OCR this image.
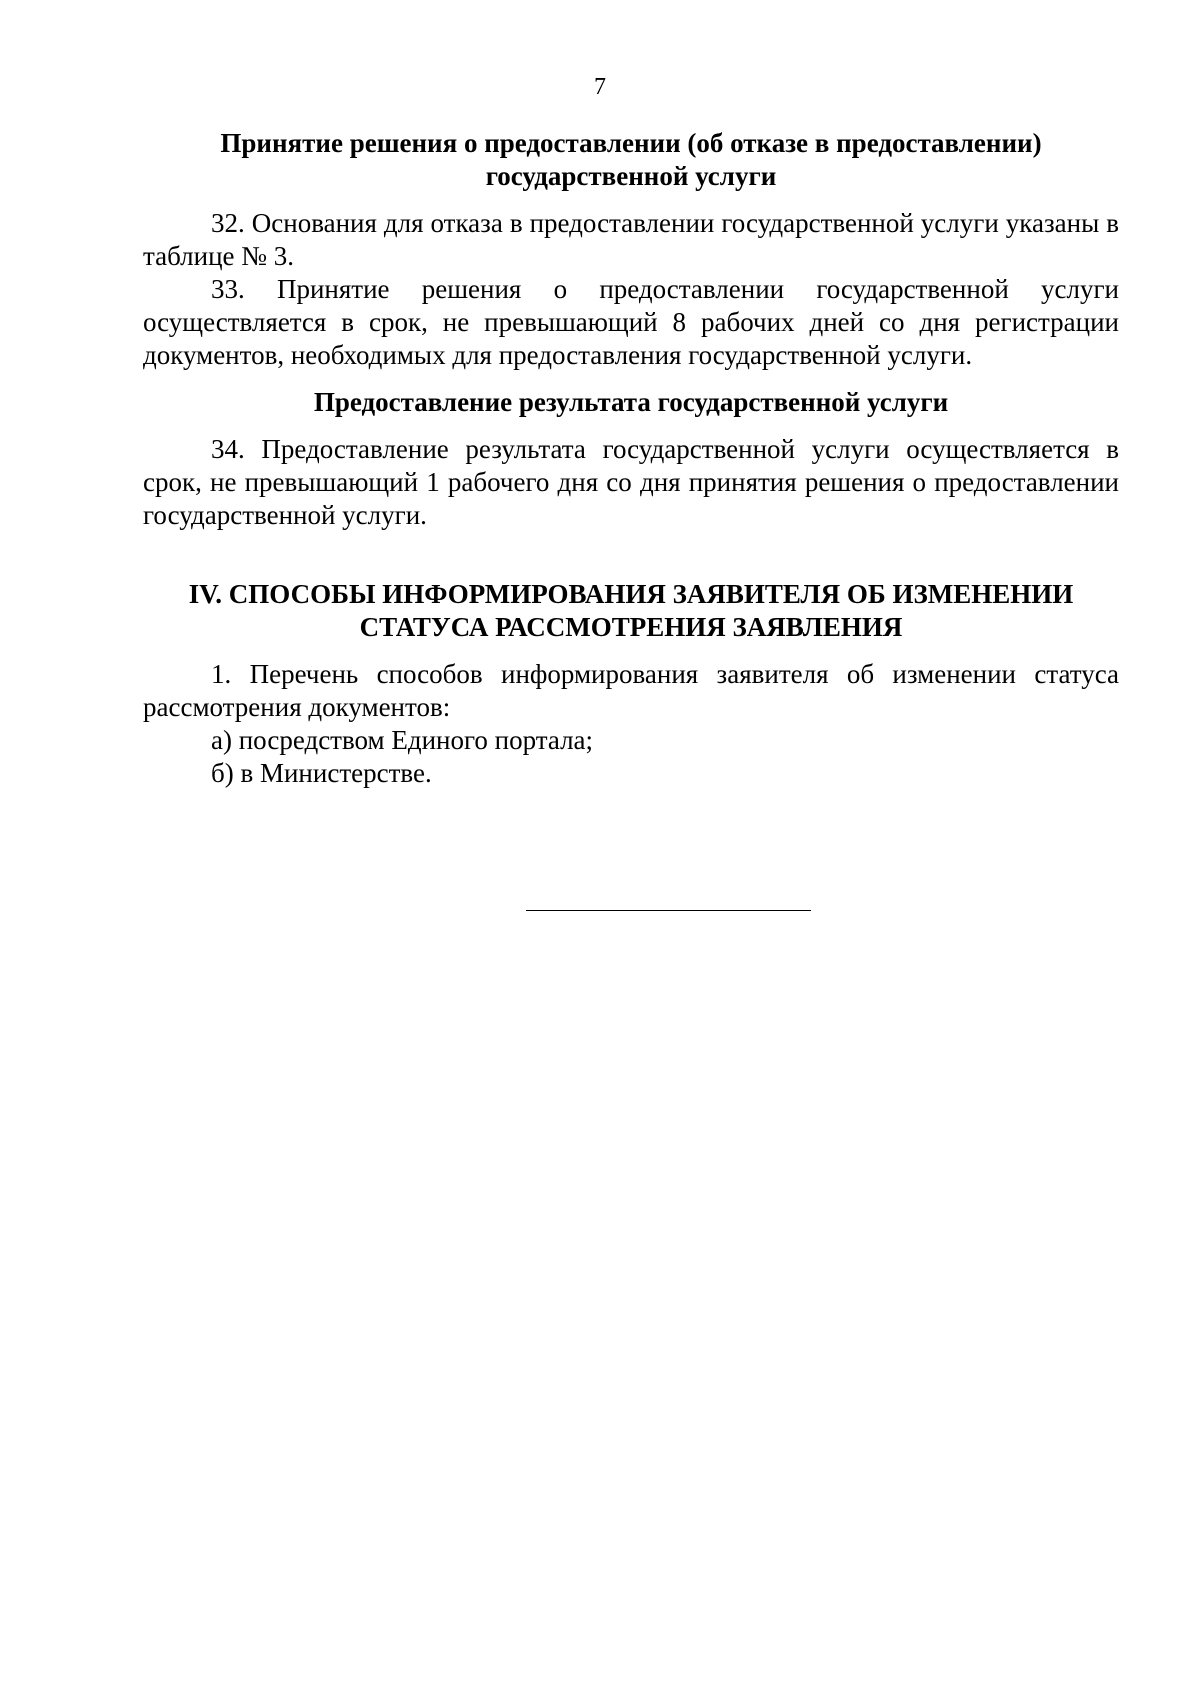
7
Принятие решения о предоставлении (об отказе в предоставлении)
государственной услуги

32. Основания для отказа в предоставлении государственной услуги указаны в таблице № 3.

33. Принятие решения о предоставлении государственной услуги осуществляется в срок, не превышающий 8 рабочих дней со дня регистрации документов, необходимых для предоставления государственной услуги.

Предоставление результата государственной услуги

34. Предоставление результата государственной услуги осуществляется в срок, не превышающий 1 рабочего дня со дня принятия решения о предоставлении государственной услуги.

IV. СПОСОБЫ ИНФОРМИРОВАНИЯ ЗАЯВИТЕЛЯ ОБ ИЗМЕНЕНИИ
СТАТУСА РАССМОТРЕНИЯ ЗАЯВЛЕНИЯ

1. Перечень способов информирования заявителя об изменении статуса рассмотрения документов:

а) посредством Единого портала;

б) в Министерстве.
